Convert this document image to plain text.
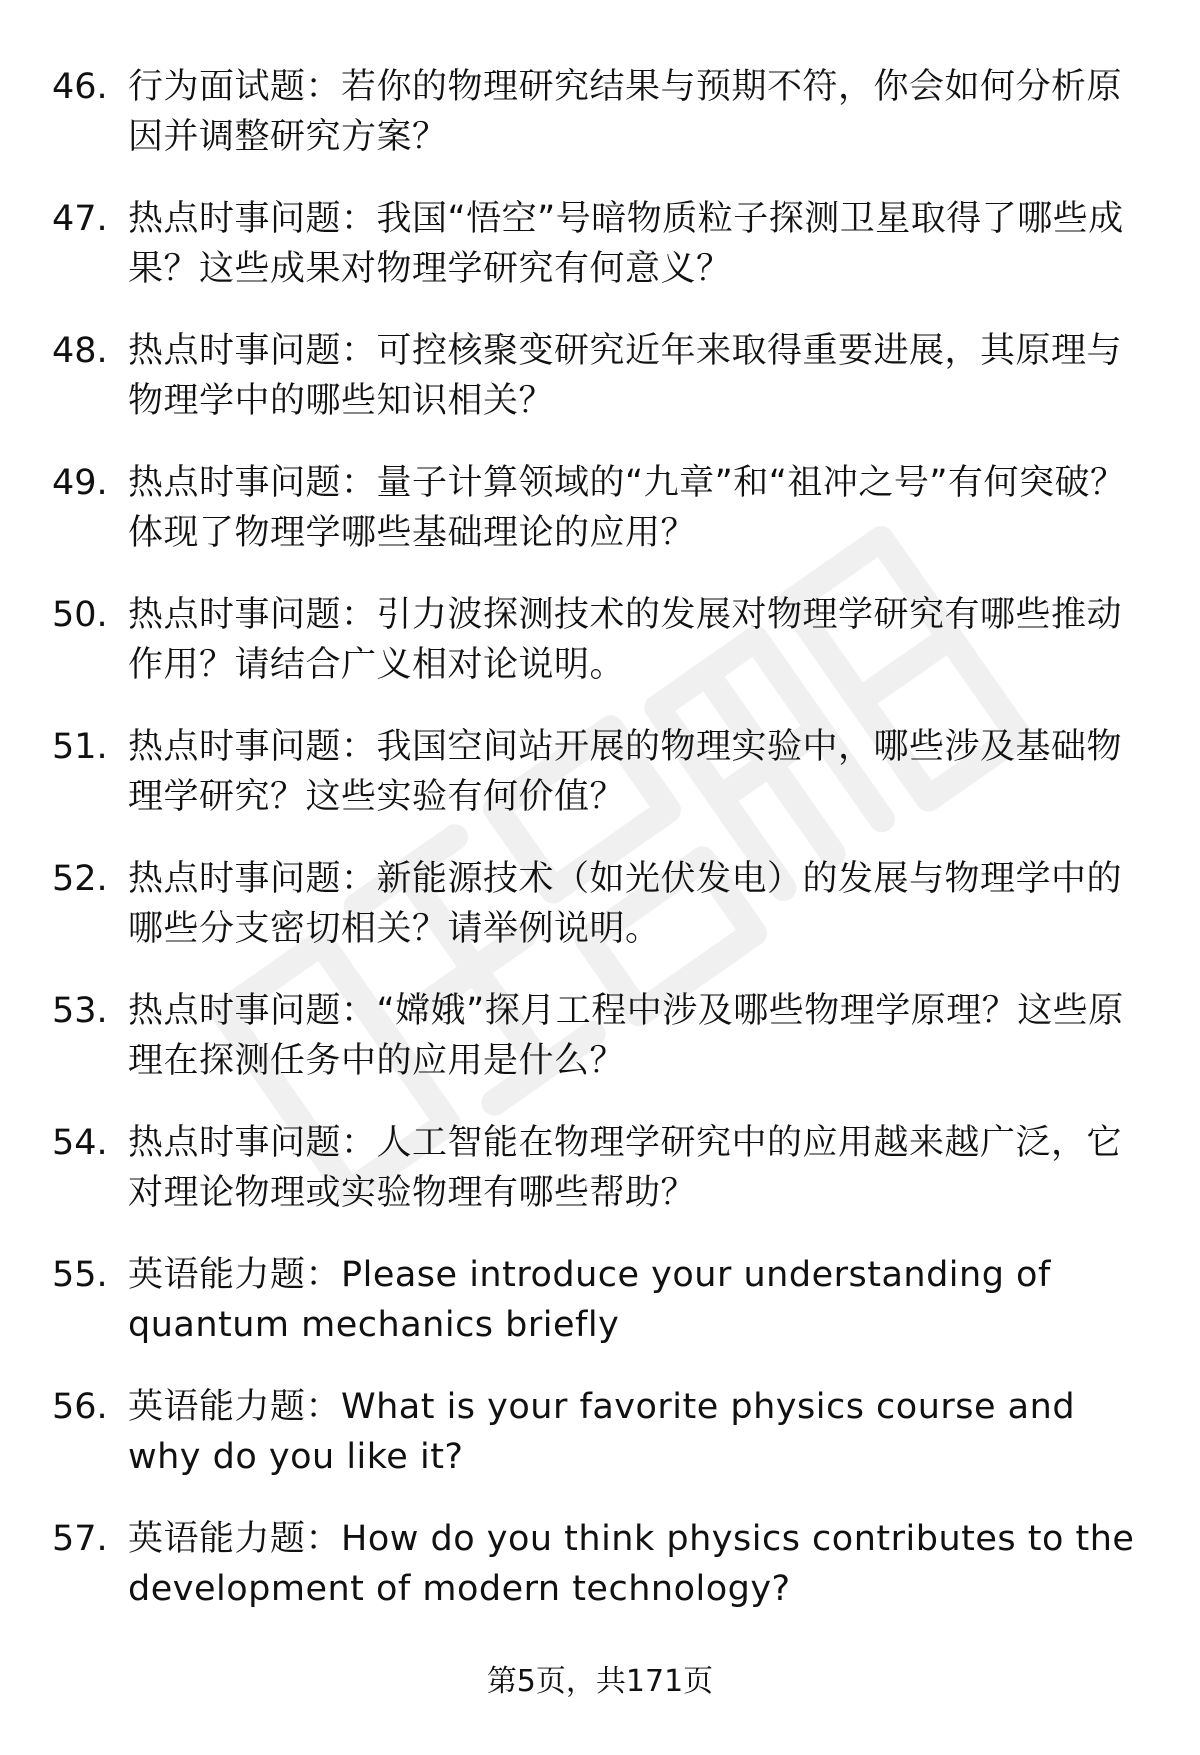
46. 行为面试题：若你的物理研究结果与预期不符，你会如何分析原因并调整研究方案？
47. 热点时事问题：我国“悟空”号暗物质粒子探测卫星取得了哪些成果？这些成果对物理学研究有何意义？
48. 热点时事问题：可控核聚变研究近年来取得重要进展，其原理与物理学中的哪些知识相关？
49. 热点时事问题：量子计算领域的“九章”和“祖冲之号”有何突破？体现了物理学哪些基础理论的应用？
50. 热点时事问题：引力波探测技术的发展对物理学研究有哪些推动作用？请结合广义相对论说明。
51. 热点时事问题：我国空间站开展的物理实验中，哪些涉及基础物理学研究？这些实验有何价值？
52. 热点时事问题：新能源技术（如光伏发电）的发展与物理学中的哪些分支密切相关？请举例说明。
53. 热点时事问题：“嫦娥”探月工程中涉及哪些物理学原理？这些原理在探测任务中的应用是什么？
54. 热点时事问题：人工智能在物理学研究中的应用越来越广泛，它对理论物理或实验物理有哪些帮助？
55. 英语能力题：Please introduce your understanding of quantum mechanics briefly
56. 英语能力题：What is your favorite physics course and why do you like it?
57. 英语能力题：How do you think physics contributes to the development of modern technology?
第5页，共171页
